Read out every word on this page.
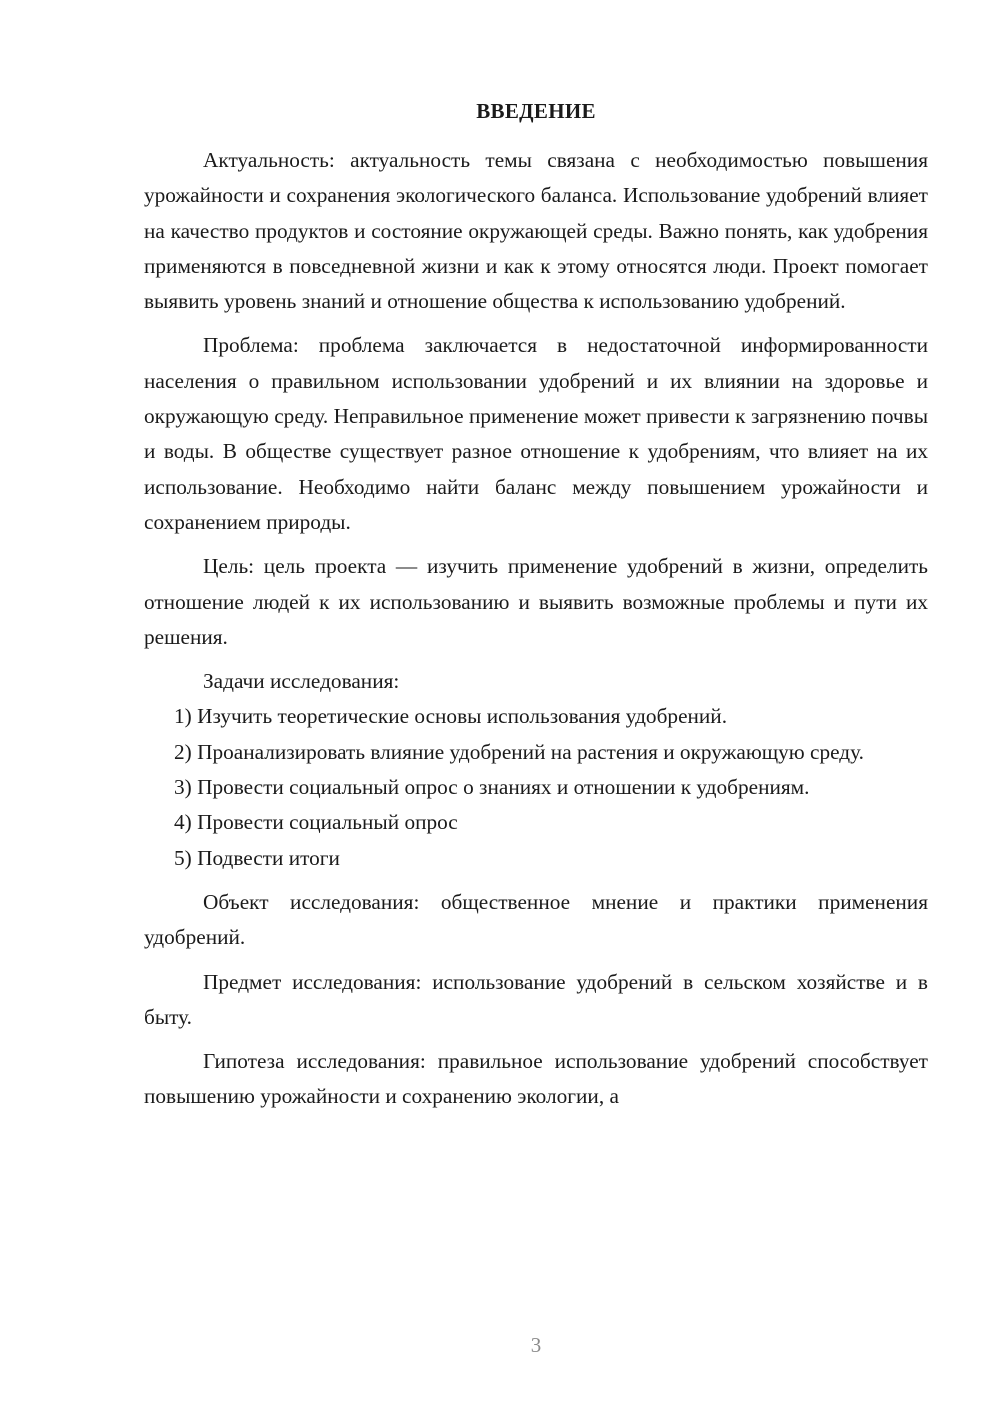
ВВЕДЕНИЕ

Актуальность: актуальность темы связана с необходимостью повышения урожайности и сохранения экологического баланса. Использование удобрений влияет на качество продуктов и состояние окружающей среды. Важно понять, как удобрения применяются в повседневной жизни и как к этому относятся люди. Проект помогает выявить уровень знаний и отношение общества к использованию удобрений.

Проблема: проблема заключается в недостаточной информированности населения о правильном использовании удобрений и их влиянии на здоровье и окружающую среду. Неправильное применение может привести к загрязнению почвы и воды. В обществе существует разное отношение к удобрениям, что влияет на их использование. Необходимо найти баланс между повышением урожайности и сохранением природы.

Цель: цель проекта — изучить применение удобрений в жизни, определить отношение людей к их использованию и выявить возможные проблемы и пути их решения.

Задачи исследования:

1) Изучить теоретические основы использования удобрений.

2) Проанализировать влияние удобрений на растения и окружающую среду.

3) Провести социальный опрос о знаниях и отношении к удобрениям.

4) Провести социальный опрос

5) Подвести итоги

Объект исследования: общественное мнение и практики применения удобрений.

Предмет исследования: использование удобрений в сельском хозяйстве и в быту.

Гипотеза исследования: правильное использование удобрений способствует повышению урожайности и сохранению экологии, а

3
